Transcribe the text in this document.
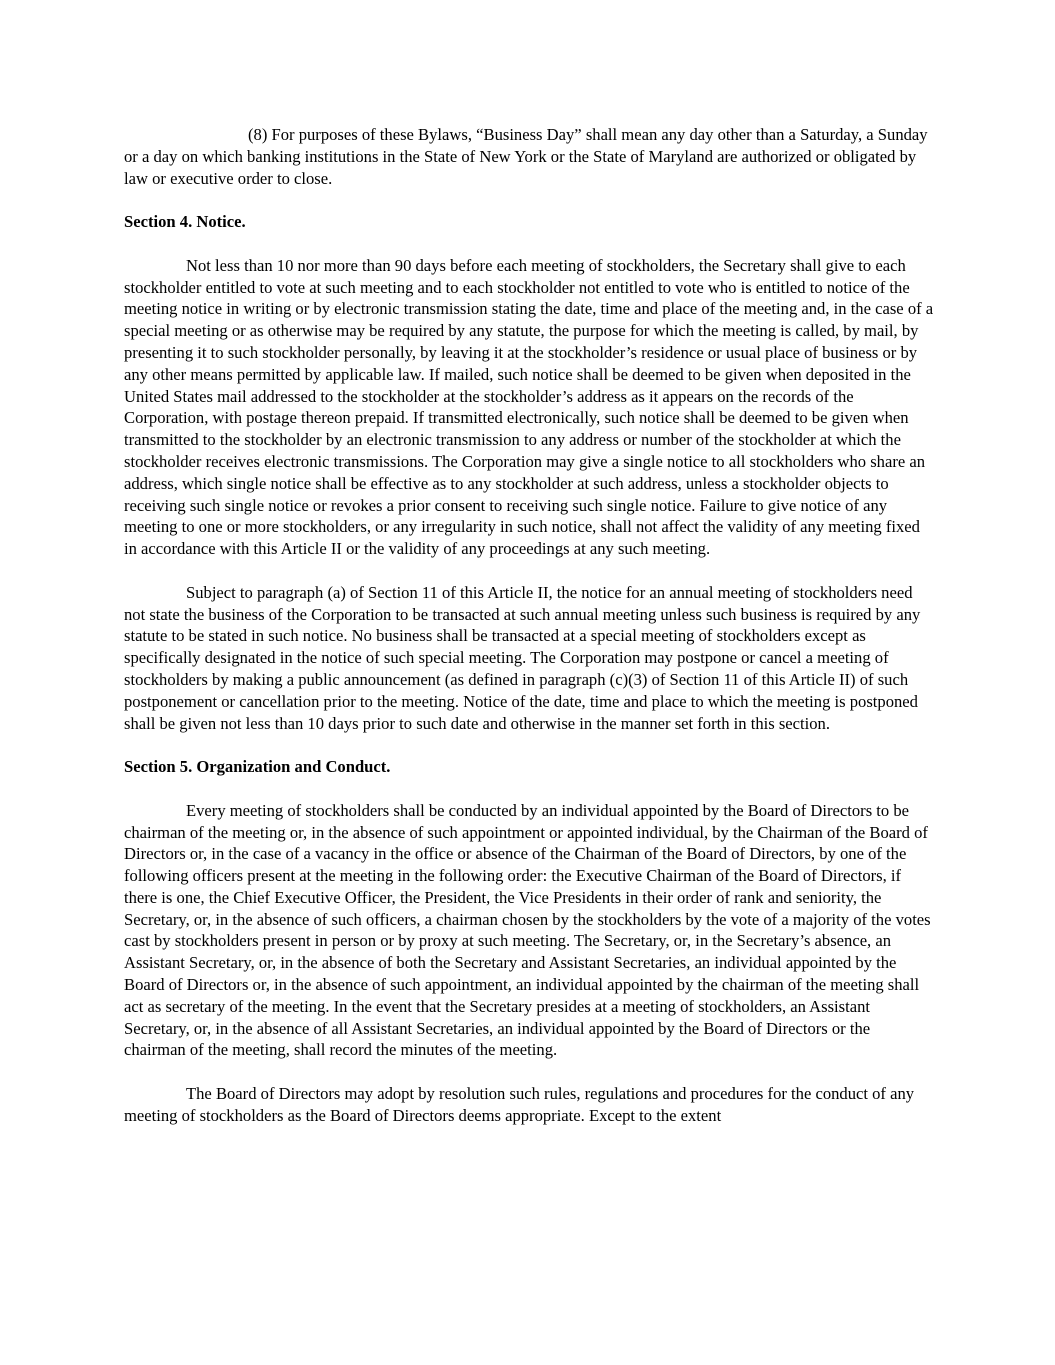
(8) For purposes of these Bylaws, “Business Day” shall mean any day other than a Saturday, a Sunday or a day on which banking institutions in the State of New York or the State of Maryland are authorized or obligated by law or executive order to close.

Section 4. Notice.

Not less than 10 nor more than 90 days before each meeting of stockholders, the Secretary shall give to each stockholder entitled to vote at such meeting and to each stockholder not entitled to vote who is entitled to notice of the meeting notice in writing or by electronic transmission stating the date, time and place of the meeting and, in the case of a special meeting or as otherwise may be required by any statute, the purpose for which the meeting is called, by mail, by presenting it to such stockholder personally, by leaving it at the stockholder’s residence or usual place of business or by any other means permitted by applicable law. If mailed, such notice shall be deemed to be given when deposited in the United States mail addressed to the stockholder at the stockholder’s address as it appears on the records of the Corporation, with postage thereon prepaid. If transmitted electronically, such notice shall be deemed to be given when transmitted to the stockholder by an electronic transmission to any address or number of the stockholder at which the stockholder receives electronic transmissions. The Corporation may give a single notice to all stockholders who share an address, which single notice shall be effective as to any stockholder at such address, unless a stockholder objects to receiving such single notice or revokes a prior consent to receiving such single notice. Failure to give notice of any meeting to one or more stockholders, or any irregularity in such notice, shall not affect the validity of any meeting fixed in accordance with this Article II or the validity of any proceedings at any such meeting.

Subject to paragraph (a) of Section 11 of this Article II, the notice for an annual meeting of stockholders need not state the business of the Corporation to be transacted at such annual meeting unless such business is required by any statute to be stated in such notice. No business shall be transacted at a special meeting of stockholders except as specifically designated in the notice of such special meeting. The Corporation may postpone or cancel a meeting of stockholders by making a public announcement (as defined in paragraph (c)(3) of Section 11 of this Article II) of such postponement or cancellation prior to the meeting. Notice of the date, time and place to which the meeting is postponed shall be given not less than 10 days prior to such date and otherwise in the manner set forth in this section.

Section 5. Organization and Conduct.

Every meeting of stockholders shall be conducted by an individual appointed by the Board of Directors to be chairman of the meeting or, in the absence of such appointment or appointed individual, by the Chairman of the Board of Directors or, in the case of a vacancy in the office or absence of the Chairman of the Board of Directors, by one of the following officers present at the meeting in the following order: the Executive Chairman of the Board of Directors, if there is one, the Chief Executive Officer, the President, the Vice Presidents in their order of rank and seniority, the Secretary, or, in the absence of such officers, a chairman chosen by the stockholders by the vote of a majority of the votes cast by stockholders present in person or by proxy at such meeting. The Secretary, or, in the Secretary’s absence, an Assistant Secretary, or, in the absence of both the Secretary and Assistant Secretaries, an individual appointed by the Board of Directors or, in the absence of such appointment, an individual appointed by the chairman of the meeting shall act as secretary of the meeting. In the event that the Secretary presides at a meeting of stockholders, an Assistant Secretary, or, in the absence of all Assistant Secretaries, an individual appointed by the Board of Directors or the chairman of the meeting, shall record the minutes of the meeting.

The Board of Directors may adopt by resolution such rules, regulations and procedures for the conduct of any meeting of stockholders as the Board of Directors deems appropriate. Except to the extent
